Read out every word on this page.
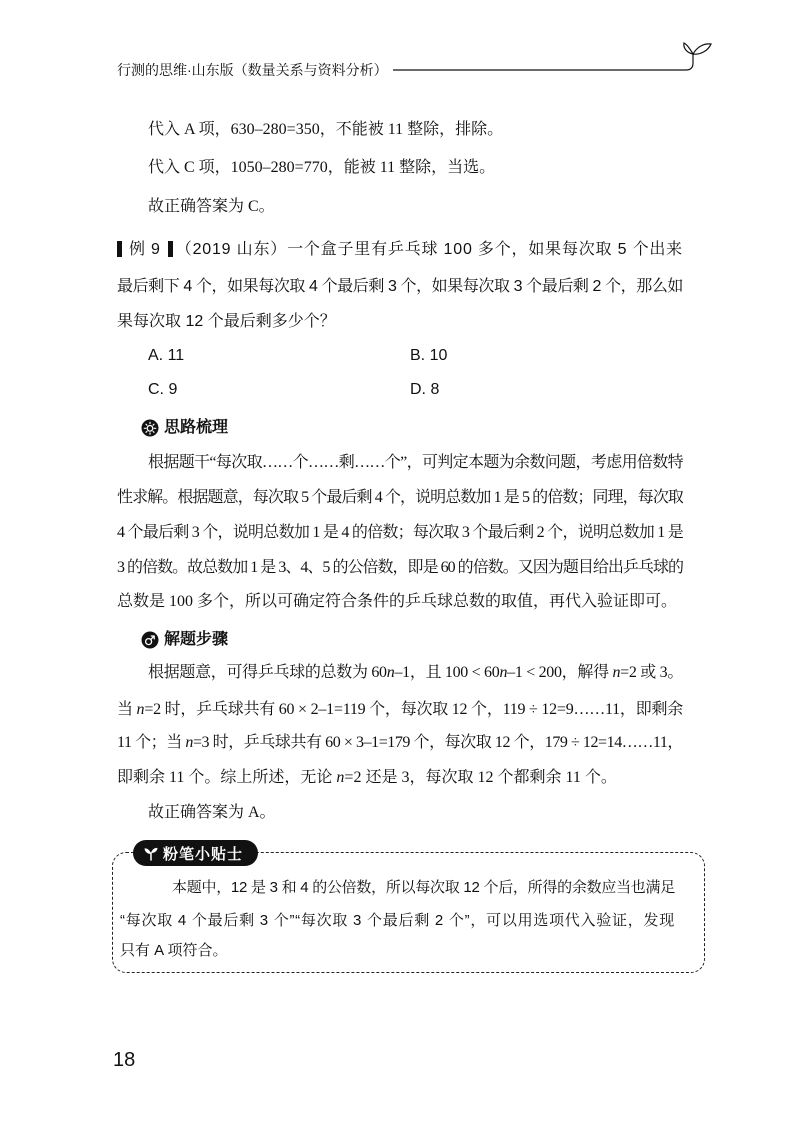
行测的思维·山东版（数量关系与资料分析）
代入 A 项，630–280=350，不能被 11 整除，排除。
代入 C 项，1050–280=770，能被 11 整除，当选。
故正确答案为 C。
例 9 （2019 山东）一个盒子里有乒乓球 100 多个，如果每次取 5 个出来
最后剩下 4 个，如果每次取 4 个最后剩 3 个，如果每次取 3 个最后剩 2 个，那么如
果每次取 12 个最后剩多少个？
A. 11	B. 10
C. 9	D. 8
思路梳理
根据题干“每次取……个……剩……个”，可判定本题为余数问题，考虑用倍数特
性求解。根据题意，每次取 5 个最后剩 4 个，说明总数加 1 是 5 的倍数；同理，每次取
4 个最后剩 3 个，说明总数加 1 是 4 的倍数；每次取 3 个最后剩 2 个，说明总数加 1 是
3 的倍数。故总数加 1 是 3、4、5 的公倍数，即是 60 的倍数。又因为题目给出乒乓球的
总数是 100 多个，所以可确定符合条件的乒乓球总数的取值，再代入验证即可。
解题步骤
根据题意，可得乒乓球的总数为 60n–1，且 100 < 60n–1 < 200，解得 n=2 或 3。
当 n=2 时，乒乓球共有 60 × 2–1=119 个，每次取 12 个，119 ÷ 12=9……11，即剩余
11 个；当 n=3 时，乒乓球共有 60 × 3–1=179 个，每次取 12 个，179 ÷ 12=14……11，
即剩余 11 个。综上所述，无论 n=2 还是 3，每次取 12 个都剩余 11 个。
故正确答案为 A。
粉笔小贴士
本题中，12 是 3 和 4 的公倍数，所以每次取 12 个后，所得的余数应当也满足
“每次取 4 个最后剩 3 个”“每次取 3 个最后剩 2 个”，可以用选项代入验证，发现
只有 A 项符合。
18
